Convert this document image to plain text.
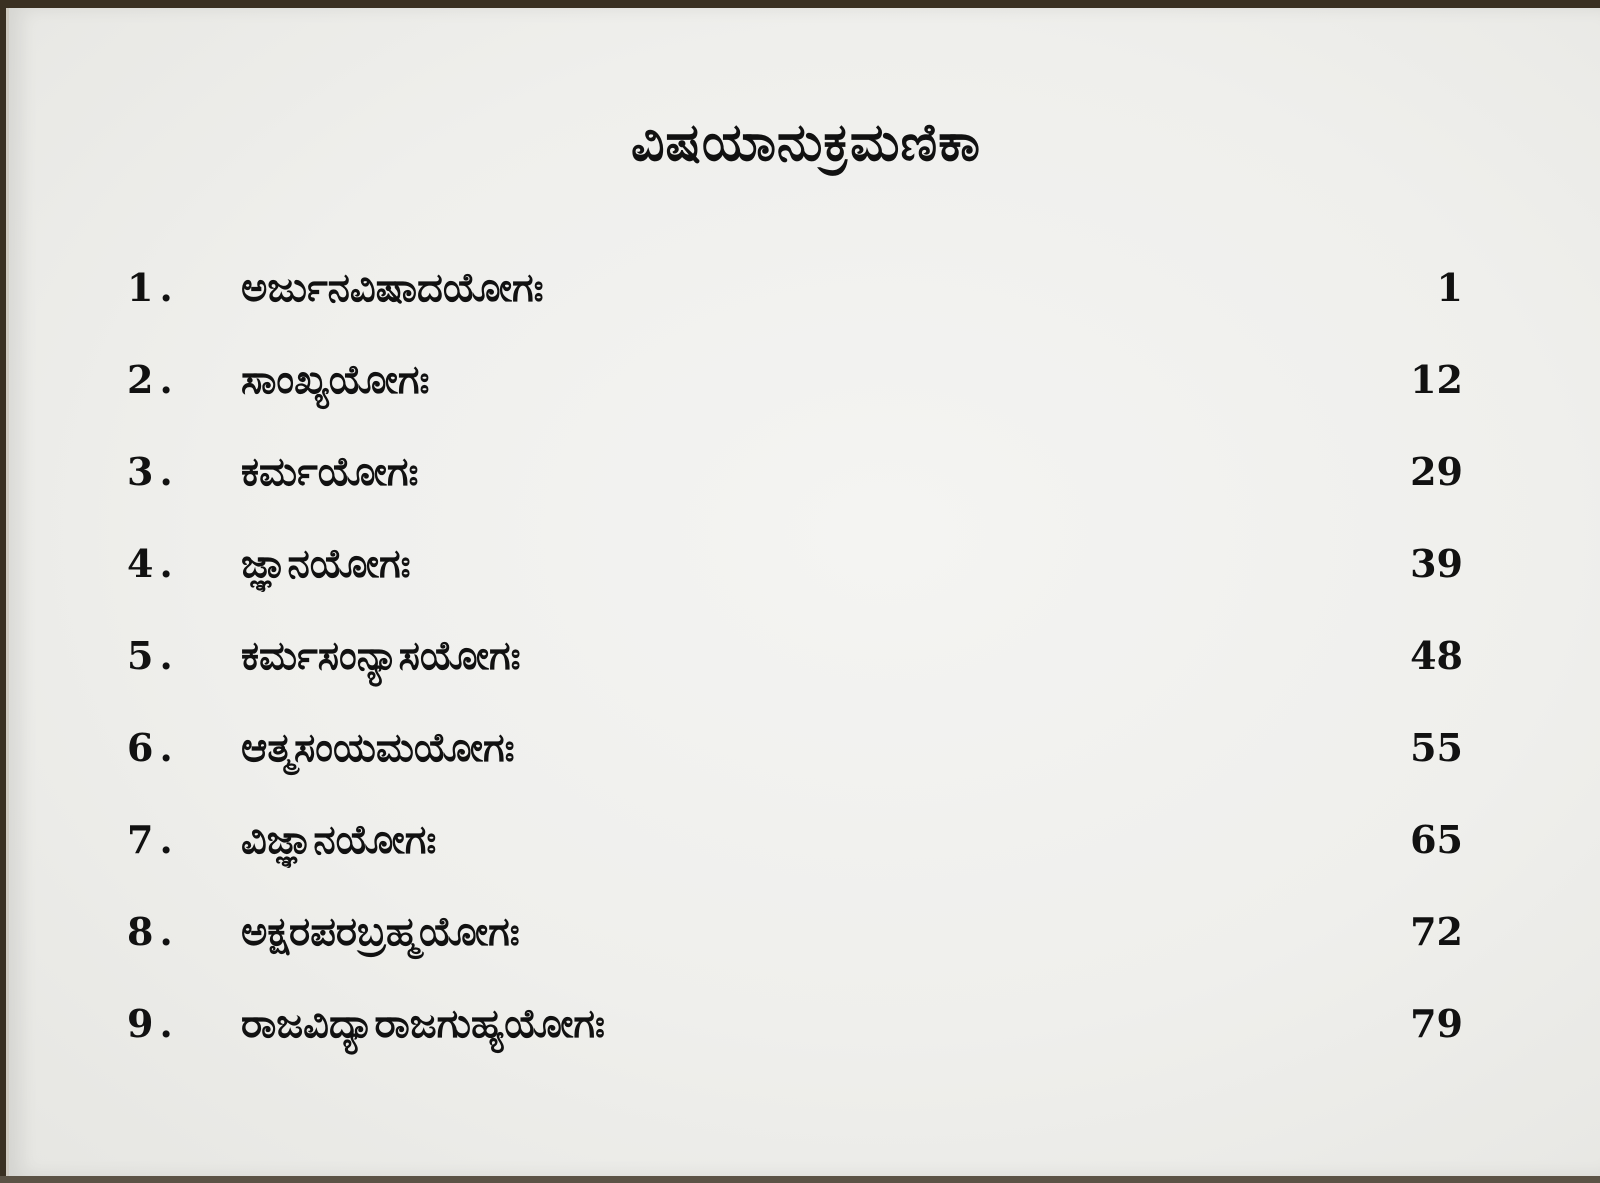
ವಿಷಯಾನುಕ್ರಮಣಿಕಾ
1.	ಅರ್ಜುನವಿಷಾದಯೋಗಃ	1
2.	ಸಾಂಖ್ಯಯೋಗಃ	12
3.	ಕರ್ಮಯೋಗಃ	29
4.	ಜ್ಞಾನಯೋಗಃ	39
5.	ಕರ್ಮಸಂನ್ಯಾಸಯೋಗಃ	48
6.	ಆತ್ಮಸಂಯಮಯೋಗಃ	55
7.	ವಿಜ್ಞಾನಯೋಗಃ	65
8.	ಅಕ್ಷರಪರಬ್ರಹ್ಮಯೋಗಃ	72
9.	ರಾಜವಿದ್ಯಾರಾಜಗುಹ್ಯಯೋಗಃ	79
